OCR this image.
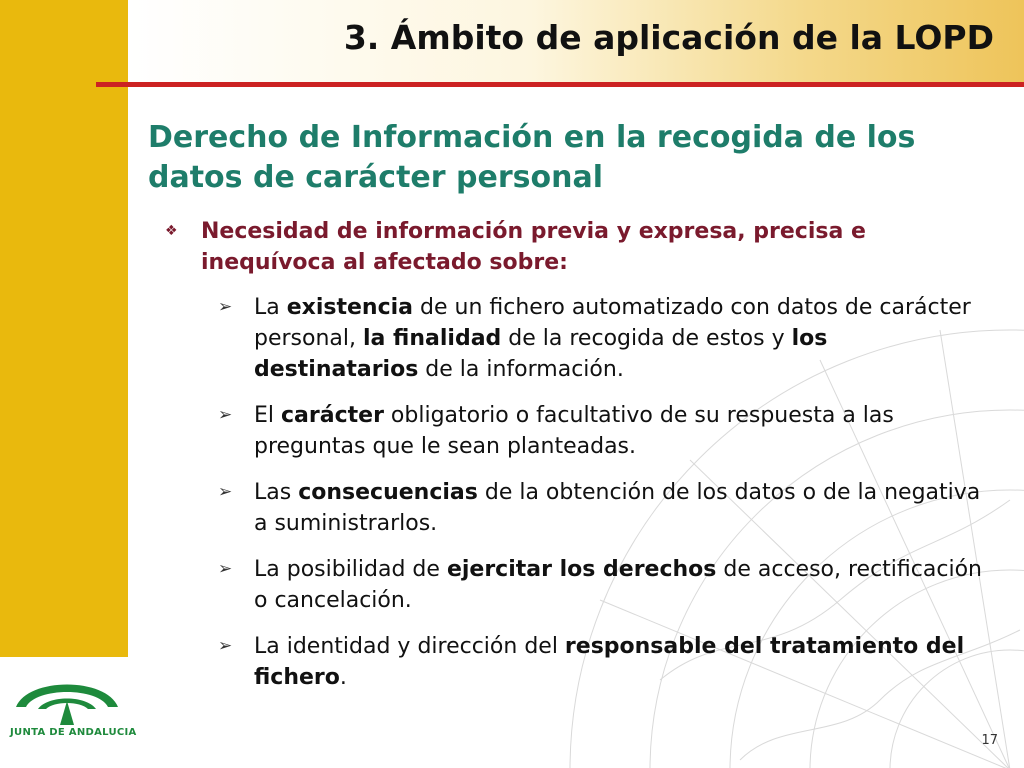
3. Ámbito de aplicación de la LOPD
Derecho de Información en la recogida de los datos de carácter personal
❖ Necesidad de información previa y expresa, precisa e inequívoca al afectado sobre:
➢ La existencia de un fichero automatizado con datos de carácter personal, la finalidad de la recogida de estos y los destinatarios de la información.
➢ El carácter obligatorio o facultativo de su respuesta a las preguntas que le sean planteadas.
➢ Las consecuencias de la obtención de los datos o de la negativa a suministrarlos.
➢ La posibilidad de ejercitar los derechos de acceso, rectificación o cancelación.
➢ La identidad y dirección del responsable del tratamiento del fichero.
JUNTA DE ANDALUCIA
17
